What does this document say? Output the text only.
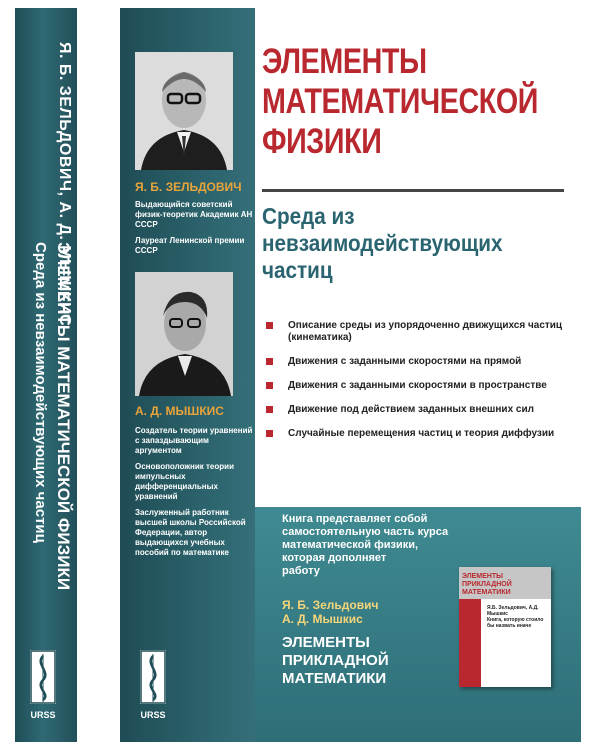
Я. Б. ЗЕЛЬДОВИЧ, А. Д. МЫШКИС
ЭЛЕМЕНТЫ МАТЕМАТИЧЕСКОЙ ФИЗИКИ
Среда из невзаимодействующих частиц
URSS
Я. Б. ЗЕЛЬДОВИЧ

Выдающийся советский физик-теоретик Академик АН СССР

Лауреат Ленинской премии СССР

А. Д. МЫШКИС

Создатель теории уравнений с запаздывающим аргументом

Основоположник теории импульсных дифференциальных уравнений

Заслуженный работник высшей школы Российской Федерации, автор выдающихся учебных пособий по математике

URSS
ЭЛЕМЕНТЫ
МАТЕМАТИЧЕСКОЙ
ФИЗИКИ
Среда из
невзаимодействующих
частиц
Описание среды из упорядоченно движущихся частиц (кинематика)
Движения с заданными скоростями на прямой
Движения с заданными скоростями в пространстве
Движение под действием заданных внешних сил
Случайные перемещения частиц и теория диффузии
Книга представляет собой
самостоятельную часть курса
математической физики,
которая дополняет
работу
Я. Б. Зельдович
А. Д. Мышкис
ЭЛЕМЕНТЫ
ПРИКЛАДНОЙ
МАТЕМАТИКИ
ЭЛЕМЕНТЫ
ПРИКЛАДНОЙ
МАТЕМАТИКИ
Я.Б. Зельдович, А.Д. Мышкис
Книга, которую стоило бы назвать иначе
